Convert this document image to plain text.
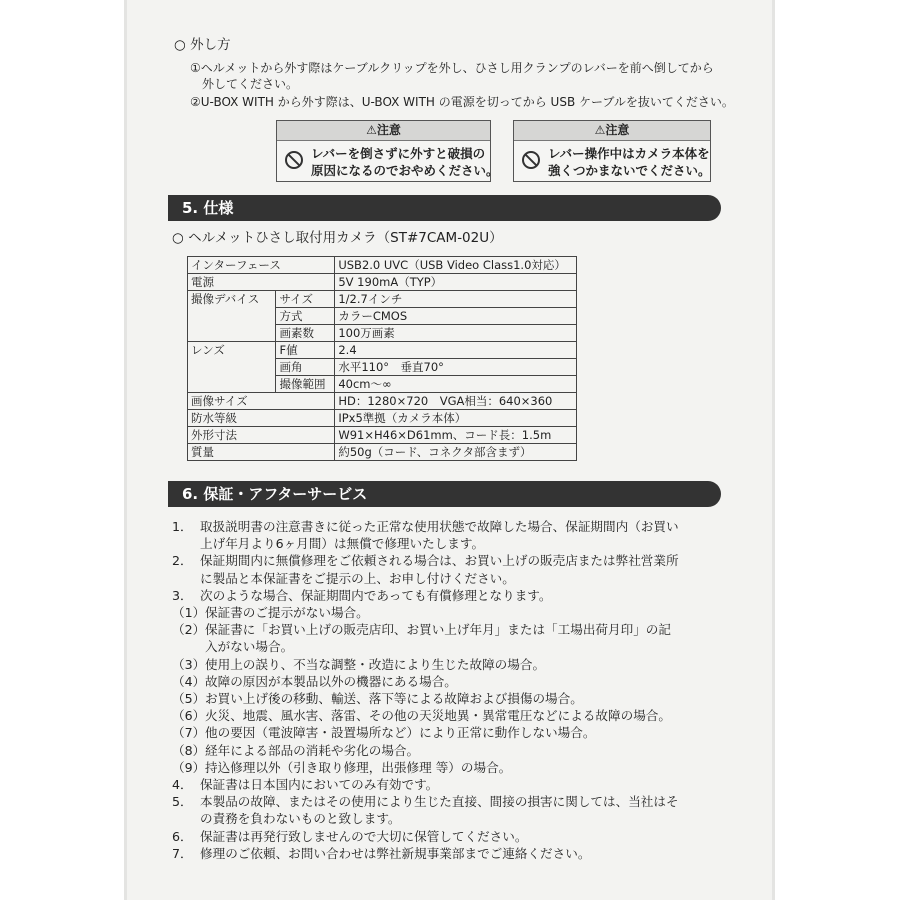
○ 外し方
①ヘルメットから外す際はケーブルクリップを外し、ひさし用クランプのレバーを前へ倒してから
外してください。
②U-BOX WITH から外す際は、U-BOX WITH の電源を切ってから USB ケーブルを抜いてください。
⚠注意
レバーを倒さずに外すと破損の
原因になるのでおやめください。
⚠注意
レバー操作中はカメラ本体を
強くつかまないでください。
5. 仕様
○ ヘルメットひさし取付用カメラ（ST#7CAM-02U）
インターフェース		USB2.0 UVC（USB Video Class1.0対応）
電源		5V 190mA（TYP）
撮像デバイス	サイズ	1/2.7インチ
	方式	カラーCMOS
	画素数	100万画素
レンズ	F値	2.4
	画角	水平110°　垂直70°
	撮像範囲	40cm～∞
画像サイズ		HD：1280×720　VGA相当：640×360
防水等級		IPx5準拠（カメラ本体）
外形寸法		W91×H46×D61mm、コード長：1.5m
質量		約50g（コード、コネクタ部含まず）
6. 保証・アフターサービス
1． 取扱説明書の注意書きに従った正常な使用状態で故障した場合、保証期間内（お買い
上げ年月より6ヶ月間）は無償で修理いたします。
2． 保証期間内に無償修理をご依頼される場合は、お買い上げの販売店または弊社営業所
に製品と本保証書をご提示の上、お申し付けください。
3． 次のような場合、保証期間内であっても有償修理となります。
（1） 保証書のご提示がない場合。
（2） 保証書に「お買い上げの販売店印、お買い上げ年月」または「工場出荷月印」の記
入がない場合。
（3） 使用上の誤り、不当な調整・改造により生じた故障の場合。
（4） 故障の原因が本製品以外の機器にある場合。
（5） お買い上げ後の移動、輸送、落下等による故障および損傷の場合。
（6） 火災、地震、風水害、落雷、その他の天災地異・異常電圧などによる故障の場合。
（7） 他の要因（電波障害・設置場所など）により正常に動作しない場合。
（8） 経年による部品の消耗や劣化の場合。
（9） 持込修理以外（引き取り修理，出張修理 等）の場合。
4． 保証書は日本国内においてのみ有効です。
5． 本製品の故障、またはその使用により生じた直接、間接の損害に関しては、当社はそ
の責務を負わないものと致します。
6． 保証書は再発行致しませんので大切に保管してください。
7． 修理のご依頼、お問い合わせは弊社新規事業部までご連絡ください。
